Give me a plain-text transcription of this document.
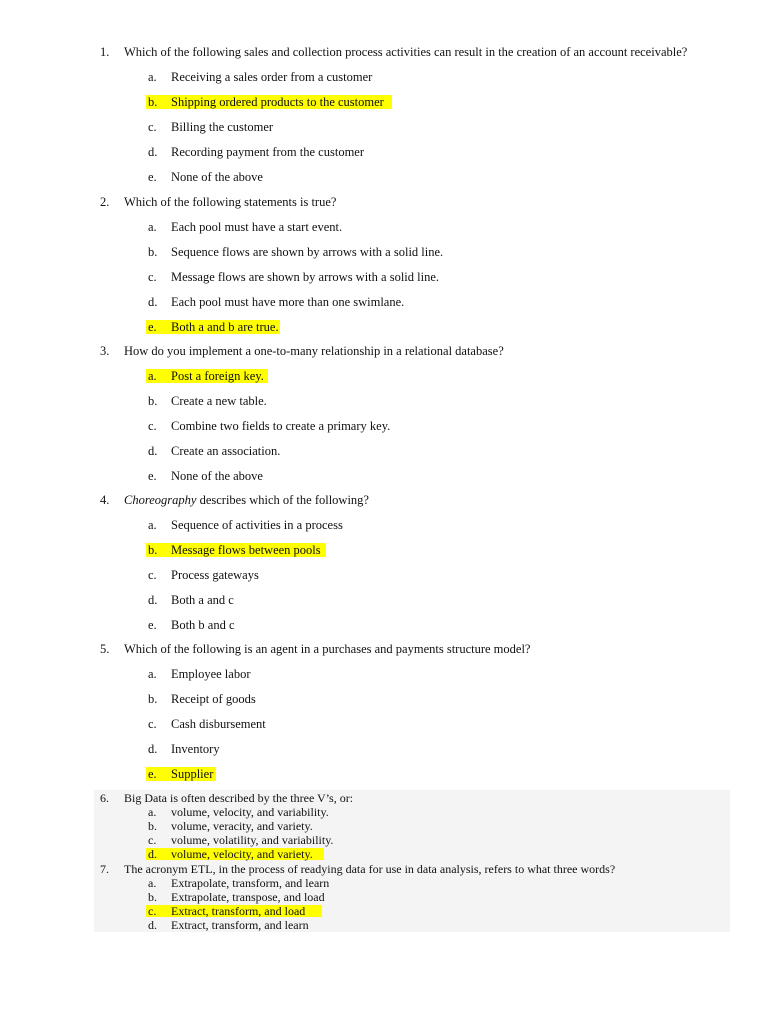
1. Which of the following sales and collection process activities can result in the creation of an account receivable?
a. Receiving a sales order from a customer
b. Shipping ordered products to the customer
c. Billing the customer
d. Recording payment from the customer
e. None of the above
2. Which of the following statements is true?
a. Each pool must have a start event.
b. Sequence flows are shown by arrows with a solid line.
c. Message flows are shown by arrows with a solid line.
d. Each pool must have more than one swimlane.
e. Both a and b are true.
3. How do you implement a one-to-many relationship in a relational database?
a. Post a foreign key.
b. Create a new table.
c. Combine two fields to create a primary key.
d. Create an association.
e. None of the above
4. Choreography describes which of the following?
a. Sequence of activities in a process
b. Message flows between pools
c. Process gateways
d. Both a and c
e. Both b and c
5. Which of the following is an agent in a purchases and payments structure model?
a. Employee labor
b. Receipt of goods
c. Cash disbursement
d. Inventory
e. Supplier
6. Big Data is often described by the three V’s, or:
a. volume, velocity, and variability.
b. volume, veracity, and variety.
c. volume, volatility, and variability.
d. volume, velocity, and variety.
7. The acronym ETL, in the process of readying data for use in data analysis, refers to what three words?
a. Extrapolate, transform, and learn
b. Extrapolate, transpose, and load
c. Extract, transform, and load
d. Extract, transform, and learn
